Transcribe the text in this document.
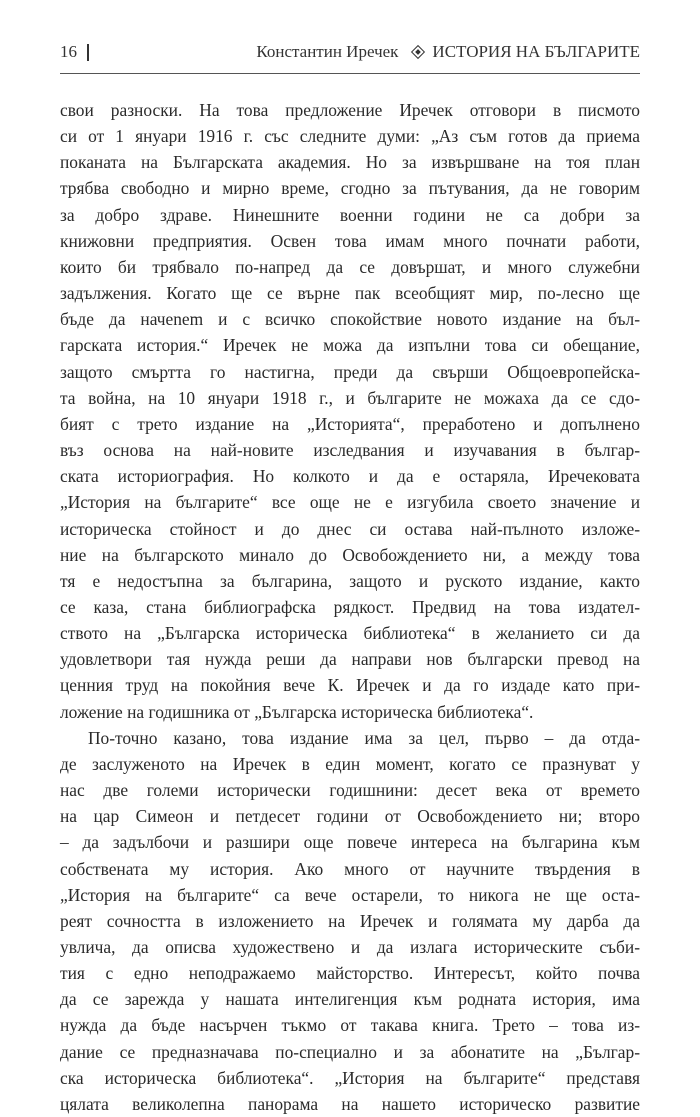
16	Константин Иречек ИСТОРИЯ НА БЪЛГАРИТЕ
свои разноски. На това предложение Иречек отговори в писмото
си от 1 януари 1916 г. със следните думи: „Аз съм готов да приема
поканата на Българската академия. Но за извършване на тоя план
трябва свободно и мирно време, сгодно за пътувания, да не говорим
за добро здраве. Нинешните военни години не са добри за
книжовни предприятия. Освен това имам много почнати работи,
които би трябвало по-напред да се довършат, и много служебни
задължения. Когато ще се върне пак всеобщият мир, по-лесно ще
бъде да начеnem и с всичко спокойствие новото издание на бъл-
гарската история.“ Иречек не можа да изпълни това си обещание,
защото смъртта го настигна, преди да свърши Общоевропейска-
та война, на 10 януари 1918 г., и българите не можаха да се сдо-
бият с трето издание на „Историята“, преработено и допълнено
въз основа на най-новите изследвания и изучавания в българ-
ската историография. Но колкото и да е остаряла, Иречековата
„История на българите“ все още не е изгубила своето значение и
историческа стойност и до днес си остава най-пълното изложе-
ние на българското минало до Освобождението ни, а между това
тя е недостъпна за българина, защото и руското издание, както
се каза, стана библиографска рядкост. Предвид на това издател-
ството на „Българска историческа библиотека“ в желанието си да
удовлетвори тая нужда реши да направи нов български превод на
ценния труд на покойния вече К. Иречек и да го издаде като при-
ложение на годишника от „Българска историческа библиотека“.
По-точно казано, това издание има за цел, първо – да отда-
де заслуженото на Иречек в един момент, когато се празнуват у
нас две големи исторически годишнини: десет века от времето
на цар Симеон и петдесет години от Освобождението ни; второ
– да задълбочи и разшири още повече интереса на българина към
собствената му история. Ако много от научните твърдения в
„История на българите“ са вече остарели, то никога не ще оста-
реят сочността в изложението на Иречек и голямата му дарба да
увлича, да описва художествено и да излага историческите съби-
тия с едно неподражаемо майсторство. Интересът, който почва
да се зарежда у нашата интелигенция към родната история, има
нужда да бъде насърчен тъкмо от такава книга. Трето – това из-
дание се предназначава по-специално и за абонатите на „Българ-
ска историческа библиотека“. „История на българите“ представя
цялата великолепна панорама на нашето историческо развитие
